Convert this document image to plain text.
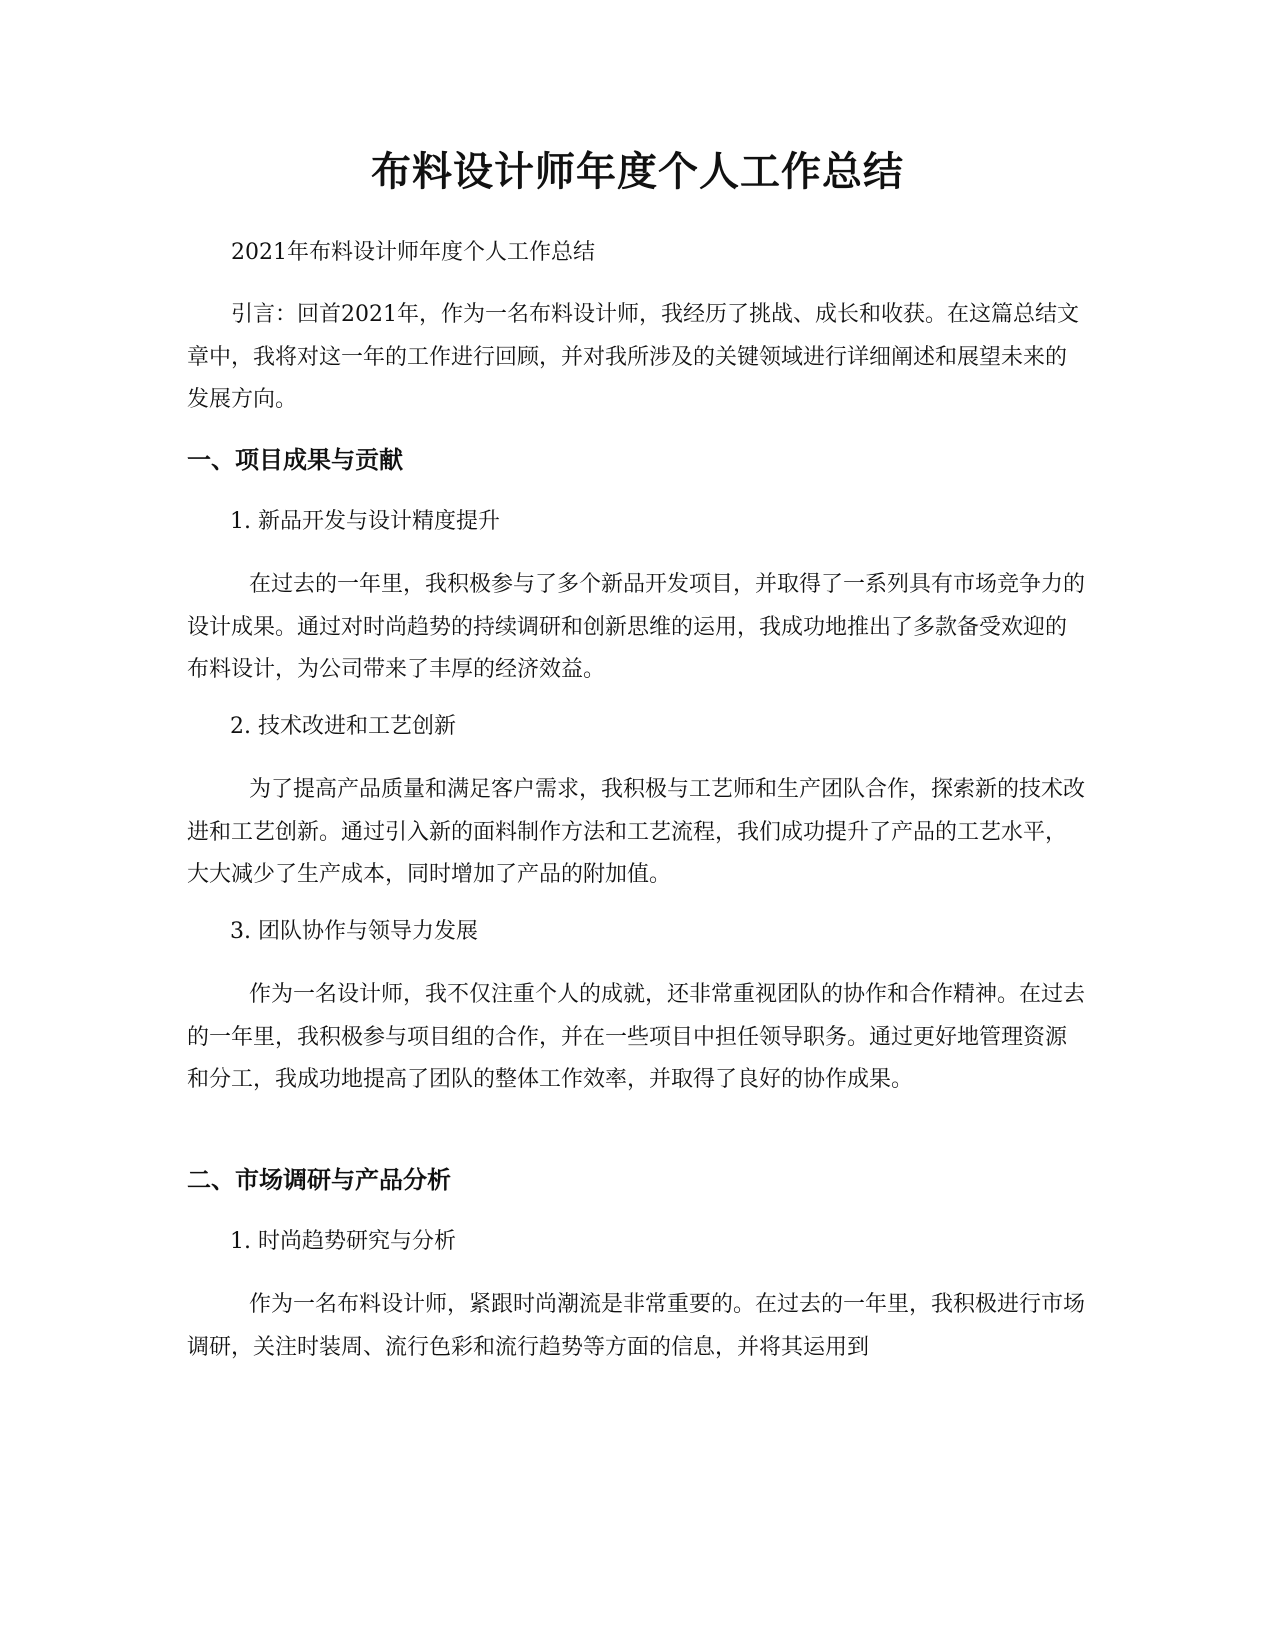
布料设计师年度个人工作总结

2021年布料设计师年度个人工作总结

引言：回首2021年，作为一名布料设计师，我经历了挑战、成长和收获。在这篇总结文章中，我将对这一年的工作进行回顾，并对我所涉及的关键领域进行详细阐述和展望未来的发展方向。

一、项目成果与贡献

1. 新品开发与设计精度提升

在过去的一年里，我积极参与了多个新品开发项目，并取得了一系列具有市场竞争力的设计成果。通过对时尚趋势的持续调研和创新思维的运用，我成功地推出了多款备受欢迎的布料设计，为公司带来了丰厚的经济效益。

2. 技术改进和工艺创新

为了提高产品质量和满足客户需求，我积极与工艺师和生产团队合作，探索新的技术改进和工艺创新。通过引入新的面料制作方法和工艺流程，我们成功提升了产品的工艺水平，大大减少了生产成本，同时增加了产品的附加值。

3. 团队协作与领导力发展

作为一名设计师，我不仅注重个人的成就，还非常重视团队的协作和合作精神。在过去的一年里，我积极参与项目组的合作，并在一些项目中担任领导职务。通过更好地管理资源和分工，我成功地提高了团队的整体工作效率，并取得了良好的协作成果。

二、市场调研与产品分析

1. 时尚趋势研究与分析

作为一名布料设计师，紧跟时尚潮流是非常重要的。在过去的一年里，我积极进行市场调研，关注时装周、流行色彩和流行趋势等方面的信息，并将其运用到
